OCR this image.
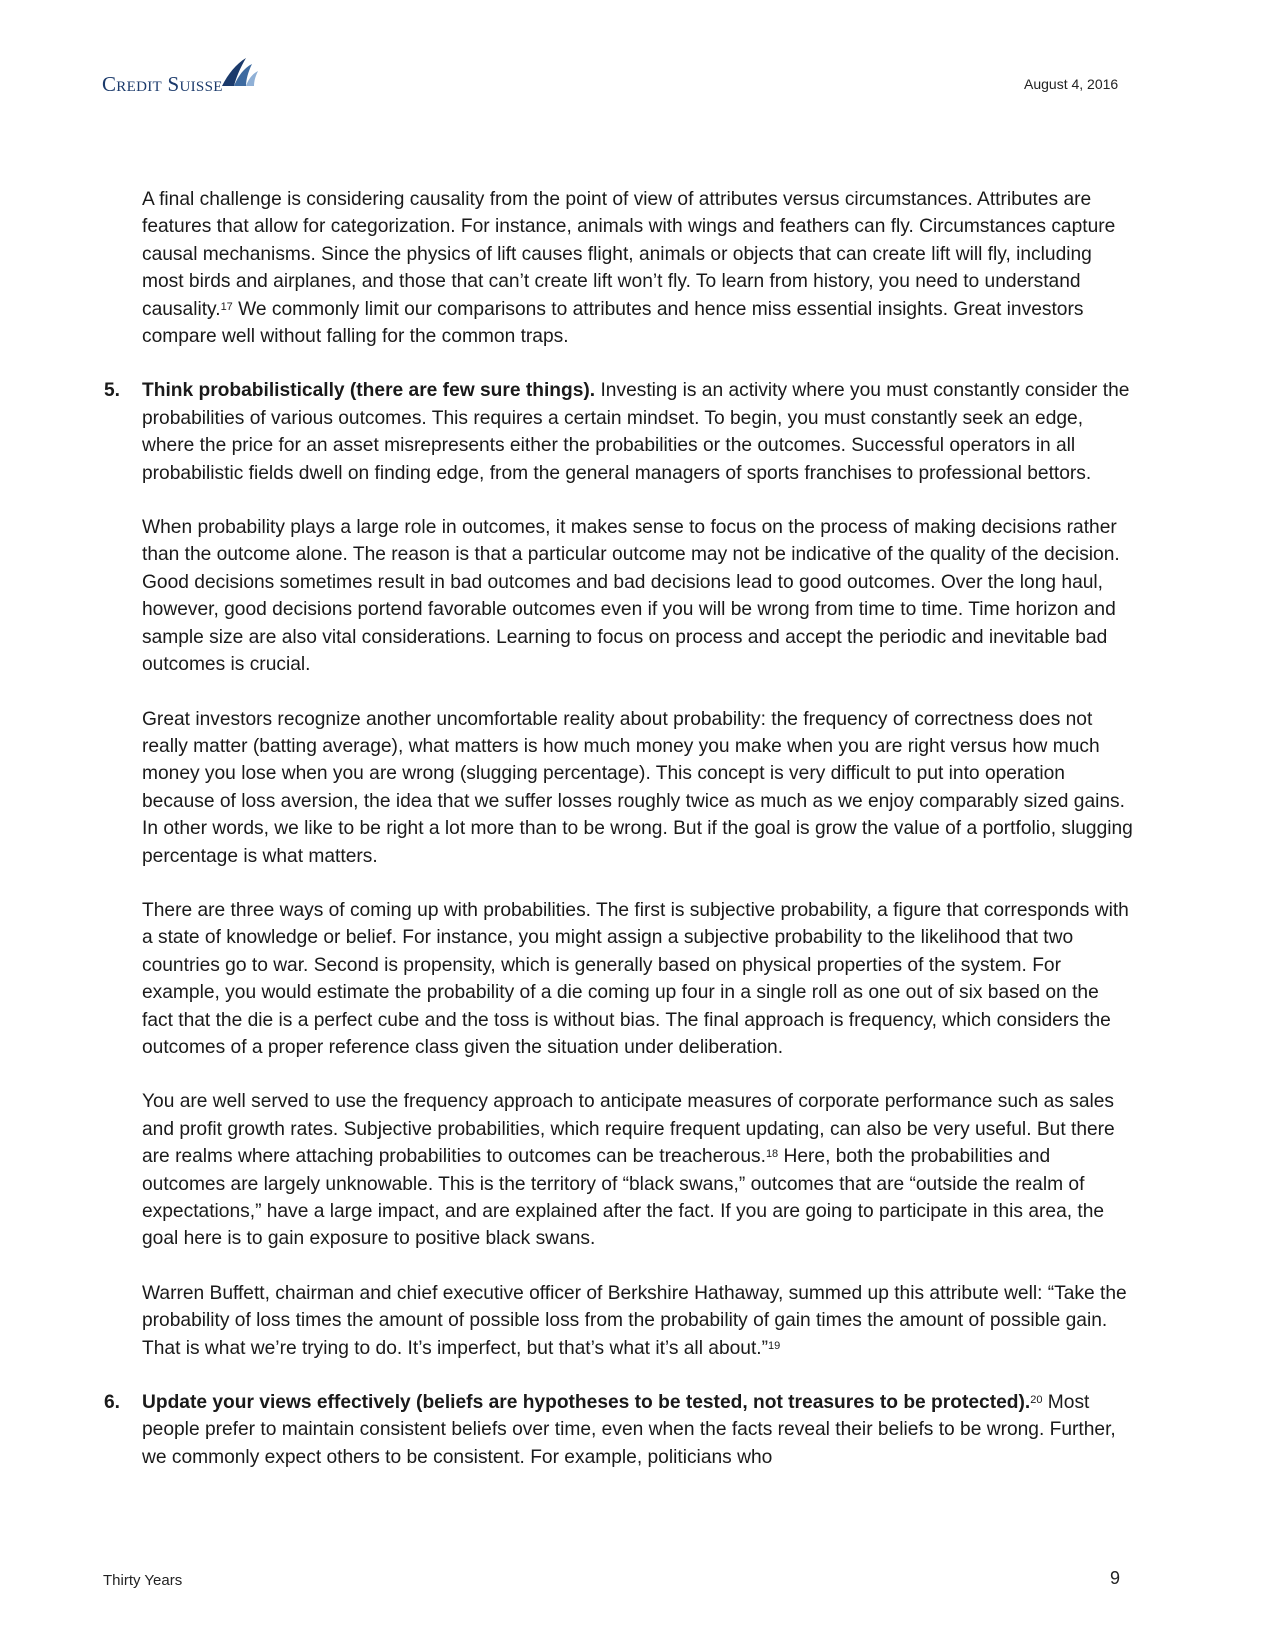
Credit Suisse	August 4, 2016

A final challenge is considering causality from the point of view of attributes versus circumstances. Attributes are features that allow for categorization. For instance, animals with wings and feathers can fly. Circumstances capture causal mechanisms. Since the physics of lift causes flight, animals or objects that can create lift will fly, including most birds and airplanes, and those that can’t create lift won’t fly. To learn from history, you need to understand causality.$^{17}$ We commonly limit our comparisons to attributes and hence miss essential insights. Great investors compare well without falling for the common traps.

5. Think probabilistically (there are few sure things). Investing is an activity where you must constantly consider the probabilities of various outcomes. This requires a certain mindset. To begin, you must constantly seek an edge, where the price for an asset misrepresents either the probabilities or the outcomes. Successful operators in all probabilistic fields dwell on finding edge, from the general managers of sports franchises to professional bettors.

When probability plays a large role in outcomes, it makes sense to focus on the process of making decisions rather than the outcome alone. The reason is that a particular outcome may not be indicative of the quality of the decision. Good decisions sometimes result in bad outcomes and bad decisions lead to good outcomes. Over the long haul, however, good decisions portend favorable outcomes even if you will be wrong from time to time. Time horizon and sample size are also vital considerations. Learning to focus on process and accept the periodic and inevitable bad outcomes is crucial.

Great investors recognize another uncomfortable reality about probability: the frequency of correctness does not really matter (batting average), what matters is how much money you make when you are right versus how much money you lose when you are wrong (slugging percentage). This concept is very difficult to put into operation because of loss aversion, the idea that we suffer losses roughly twice as much as we enjoy comparably sized gains. In other words, we like to be right a lot more than to be wrong. But if the goal is grow the value of a portfolio, slugging percentage is what matters.

There are three ways of coming up with probabilities. The first is subjective probability, a figure that corresponds with a state of knowledge or belief. For instance, you might assign a subjective probability to the likelihood that two countries go to war. Second is propensity, which is generally based on physical properties of the system. For example, you would estimate the probability of a die coming up four in a single roll as one out of six based on the fact that the die is a perfect cube and the toss is without bias. The final approach is frequency, which considers the outcomes of a proper reference class given the situation under deliberation.

You are well served to use the frequency approach to anticipate measures of corporate performance such as sales and profit growth rates. Subjective probabilities, which require frequent updating, can also be very useful. But there are realms where attaching probabilities to outcomes can be treacherous.$^{18}$ Here, both the probabilities and outcomes are largely unknowable. This is the territory of “black swans,” outcomes that are “outside the realm of expectations,” have a large impact, and are explained after the fact. If you are going to participate in this area, the goal here is to gain exposure to positive black swans.

Warren Buffett, chairman and chief executive officer of Berkshire Hathaway, summed up this attribute well: “Take the probability of loss times the amount of possible loss from the probability of gain times the amount of possible gain. That is what we’re trying to do. It’s imperfect, but that’s what it’s all about.”$^{19}$

6. Update your views effectively (beliefs are hypotheses to be tested, not treasures to be protected).$^{20}$ Most people prefer to maintain consistent beliefs over time, even when the facts reveal their beliefs to be wrong. Further, we commonly expect others to be consistent. For example, politicians who

Thirty Years	9
